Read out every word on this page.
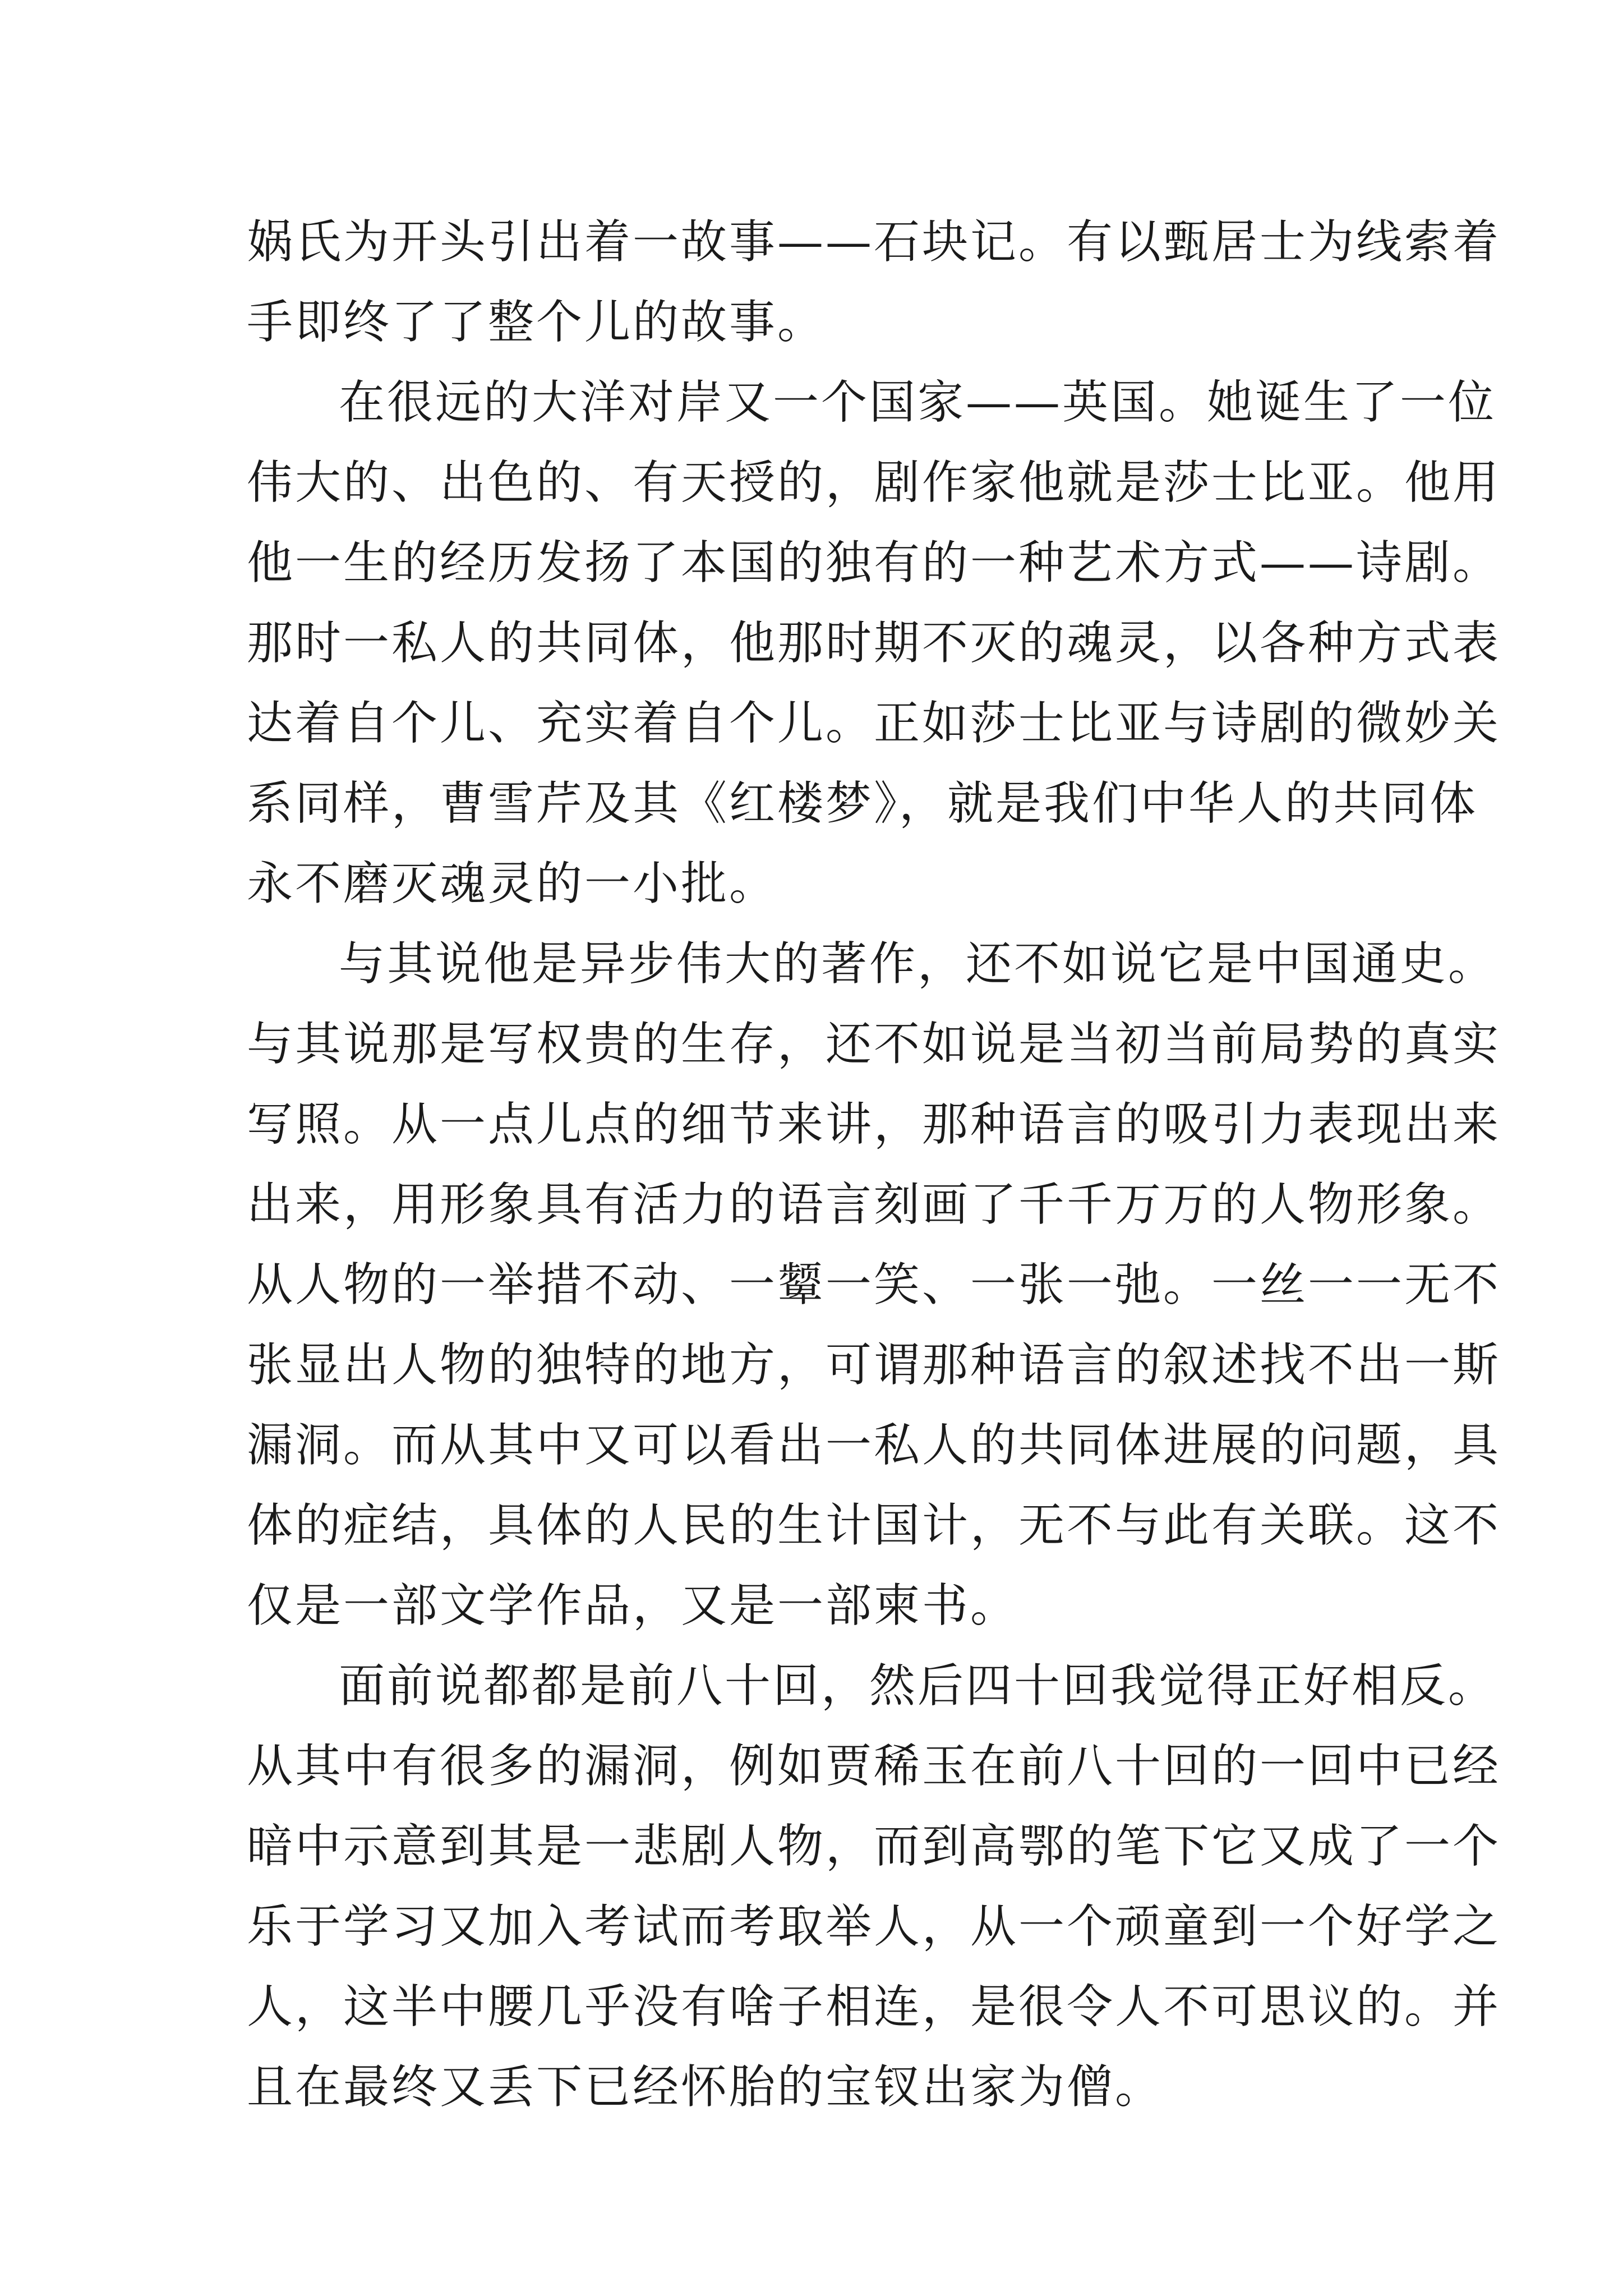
娲氏为开头引出着一故事——石块记。有以甄居士为线索着
手即终了了整个儿的故事。

在很远的大洋对岸又一个国家——英国。她诞生了一位
伟大的、出色的、有天授的，剧作家他就是莎士比亚。他用
他一生的经历发扬了本国的独有的一种艺术方式——诗剧。
那时一私人的共同体，他那时期不灭的魂灵，以各种方式表
达着自个儿、充实着自个儿。正如莎士比亚与诗剧的微妙关
系同样，曹雪芹及其《红楼梦》，就是我们中华人的共同体
永不磨灭魂灵的一小批。

与其说他是异步伟大的著作，还不如说它是中国通史。
与其说那是写权贵的生存，还不如说是当初当前局势的真实
写照。从一点儿点的细节来讲，那种语言的吸引力表现出来
出来，用形象具有活力的语言刻画了千千万万的人物形象。
从人物的一举措不动、一颦一笑、一张一弛。一丝一一无不
张显出人物的独特的地方，可谓那种语言的叙述找不出一斯
漏洞。而从其中又可以看出一私人的共同体进展的问题，具
体的症结，具体的人民的生计国计，无不与此有关联。这不
仅是一部文学作品，又是一部柬书。

面前说都都是前八十回，然后四十回我觉得正好相反。
从其中有很多的漏洞，例如贾稀玉在前八十回的一回中已经
暗中示意到其是一悲剧人物，而到高鄂的笔下它又成了一个
乐于学习又加入考试而考取举人，从一个顽童到一个好学之
人，这半中腰几乎没有啥子相连，是很令人不可思议的。并
且在最终又丢下已经怀胎的宝钗出家为僧。
